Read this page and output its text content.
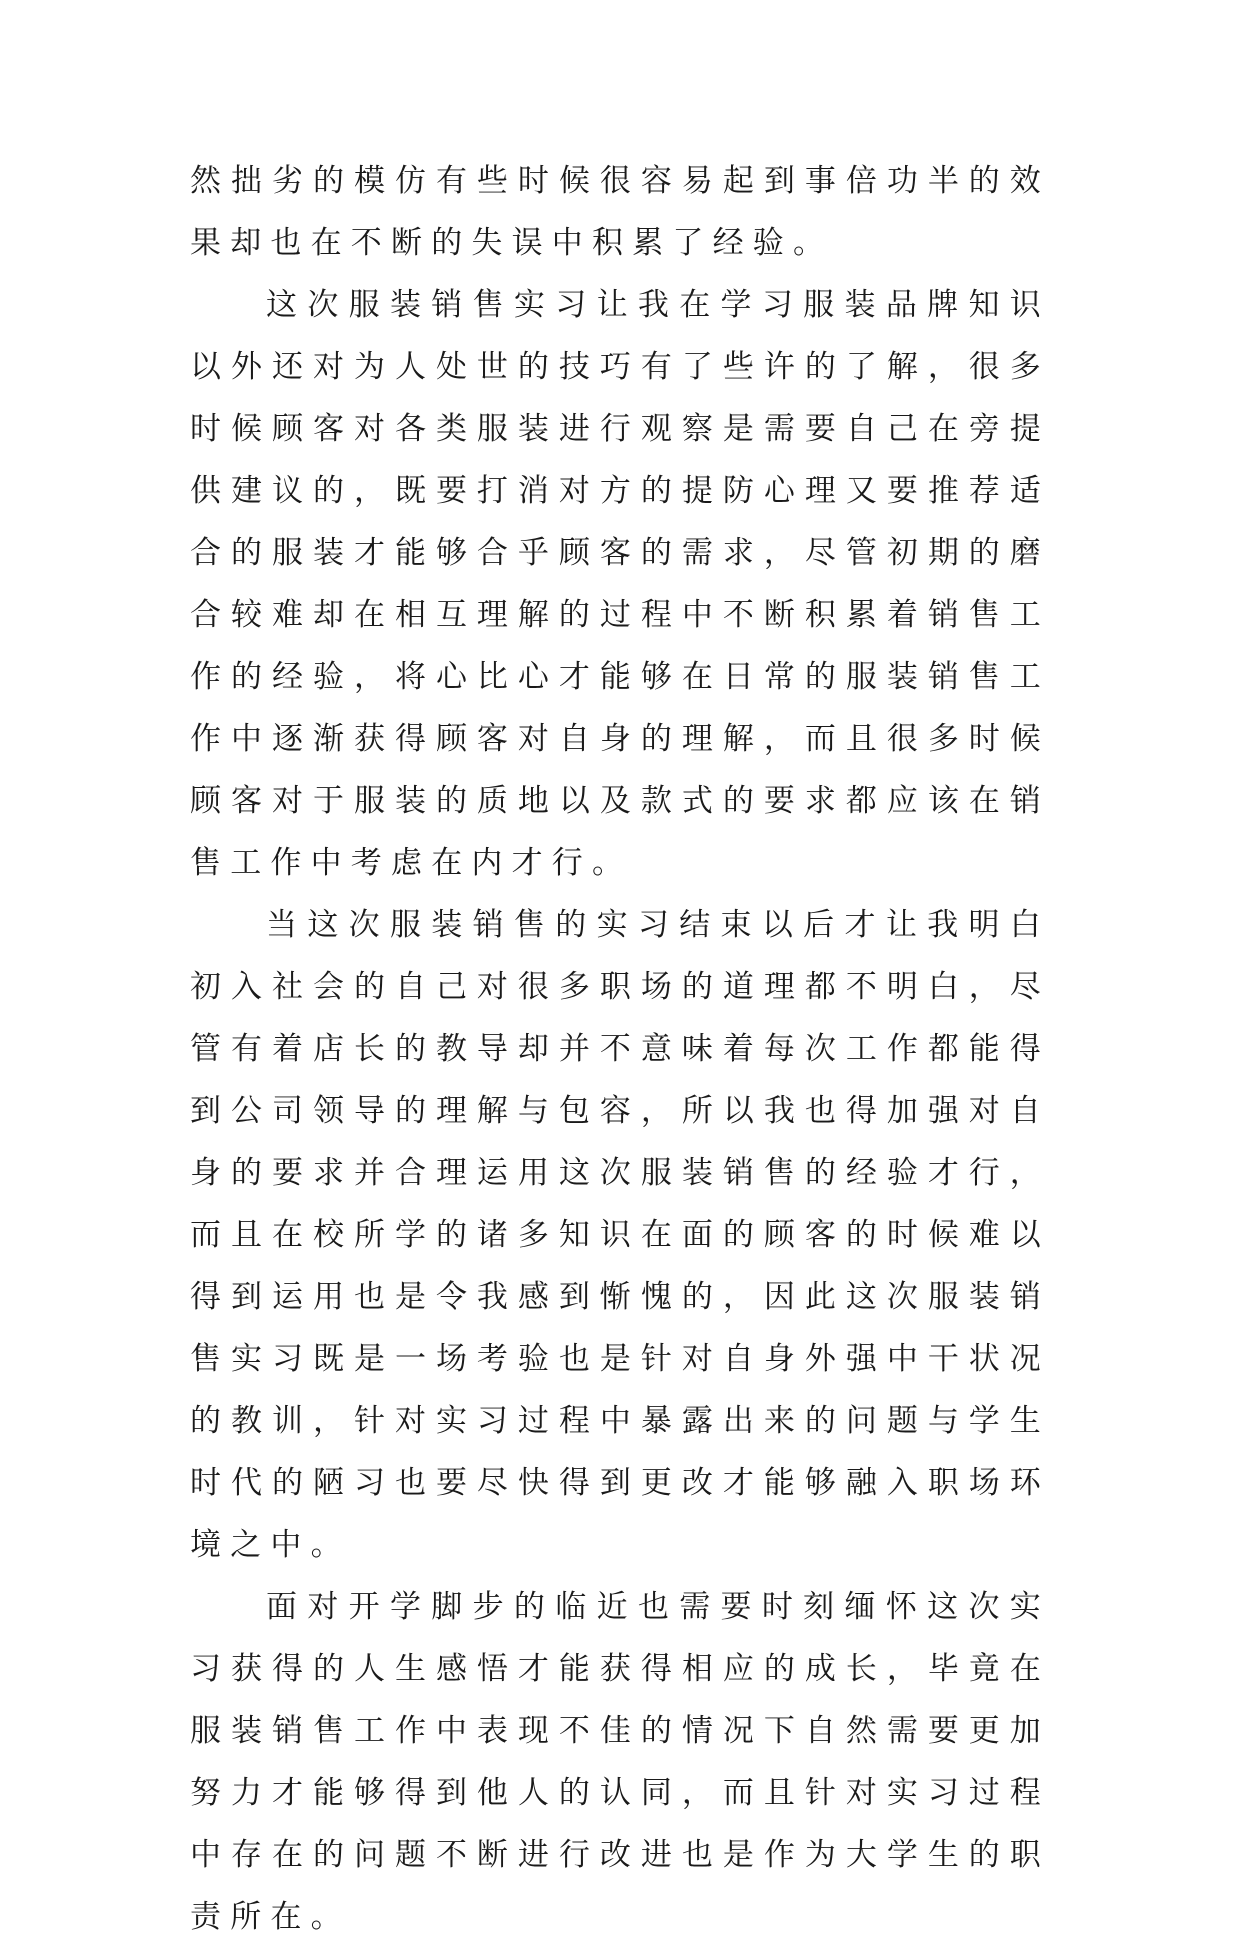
然拙劣的模仿有些时候很容易起到事倍功半的效果却也在不断的失误中积累了经验。

这次服装销售实习让我在学习服装品牌知识以外还对为人处世的技巧有了些许的了解，很多时候顾客对各类服装进行观察是需要自己在旁提供建议的，既要打消对方的提防心理又要推荐适合的服装才能够合乎顾客的需求，尽管初期的磨合较难却在相互理解的过程中不断积累着销售工作的经验，将心比心才能够在日常的服装销售工作中逐渐获得顾客对自身的理解，而且很多时候顾客对于服装的质地以及款式的要求都应该在销售工作中考虑在内才行。

当这次服装销售的实习结束以后才让我明白初入社会的自己对很多职场的道理都不明白，尽管有着店长的教导却并不意味着每次工作都能得到公司领导的理解与包容，所以我也得加强对自身的要求并合理运用这次服装销售的经验才行，而且在校所学的诸多知识在面的顾客的时候难以得到运用也是令我感到惭愧的，因此这次服装销售实习既是一场考验也是针对自身外强中干状况的教训，针对实习过程中暴露出来的问题与学生时代的陋习也要尽快得到更改才能够融入职场环境之中。

面对开学脚步的临近也需要时刻缅怀这次实习获得的人生感悟才能获得相应的成长，毕竟在服装销售工作中表现不佳的情况下自然需要更加努力才能够得到他人的认同，而且针对实习过程中存在的问题不断进行改进也是作为大学生的职责所在。
